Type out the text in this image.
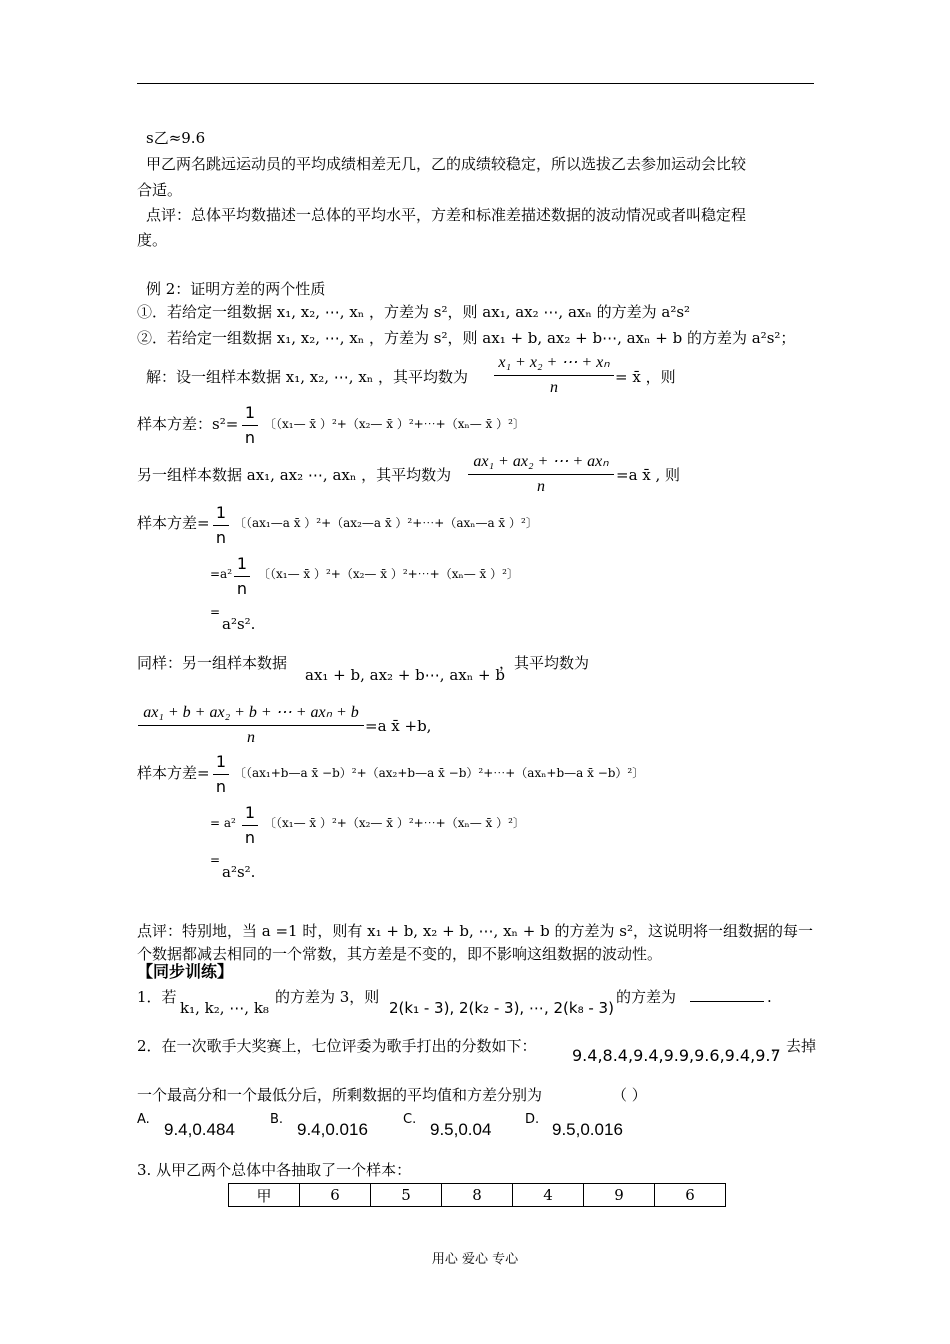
s乙≈9.6
甲乙两名跳远运动员的平均成绩相差无几，乙的成绩较稳定，所以选拔乙去参加运动会比较
合适。
点评：总体平均数描述一总体的平均水平，方差和标准差描述数据的波动情况或者叫稳定程
度。
例 2：证明方差的两个性质
①．若给定一组数据 x₁, x₂, ⋯, xₙ ，方差为 s²，则 ax₁, ax₂ ⋯, axₙ 的方差为 a²s²
②．若给定一组数据 x₁, x₂, ⋯, xₙ ，方差为 s²，则 ax₁ + b, ax₂ + b⋯, axₙ + b 的方差为 a²s²；
解：设一组样本数据 x₁, x₂, ⋯, xₙ ，其平均数为
x₁ + x₂ + ⋯ + xₙ
n
= x̄ ，则
样本方差：s²=
1
n
〔（x₁— x̄ ）²+（x₂— x̄ ）²+⋯+（xₙ— x̄ ）²〕
另一组样本数据 ax₁, ax₂ ⋯, axₙ ，其平均数为
ax₁ + ax₂ + ⋯ + axₙ
n
=a x̄ , 则
样本方差=
1
n
〔（ax₁—a x̄ ）²+（ax₂—a x̄ ）²+⋯+（axₙ—a x̄ ）²〕
=a²
1
n
〔（x₁— x̄ ）²+（x₂— x̄ ）²+⋯+（xₙ— x̄ ）²〕
=
a²s².
同样：另一组样本数据
ax₁ + b, ax₂ + b⋯, axₙ + b
，其平均数为
ax₁ + b + ax₂ + b + ⋯ + axₙ + b
n
=a x̄ +b,
样本方差=
1
n
〔（ax₁+b—a x̄ −b）²+（ax₂+b—a x̄ −b）²+⋯+（axₙ+b—a x̄ −b）²〕
= a²
1
n
〔（x₁— x̄ ）²+（x₂— x̄ ）²+⋯+（xₙ— x̄ ）²〕
=
a²s².
点评：特别地，当 a =1 时，则有 x₁ + b, x₂ + b, ⋯, xₙ + b 的方差为 s²，这说明将一组数据的每一
个数据都减去相同的一个常数，其方差是不变的，即不影响这组数据的波动性。
【同步训练】
1．若
k₁, k₂, ⋯, k₈
的方差为 3，则
2(k₁ - 3), 2(k₂ - 3), ⋯, 2(k₈ - 3)
的方差为	.
2．在一次歌手大奖赛上，七位评委为歌手打出的分数如下： 9.4,8.4,9.4,9.9,9.6,9.4,9.7
，去掉
一个最高分和一个最低分后，所剩数据的平均值和方差分别为	（ ）
A.
9.4,0.484
B.
9.4,0.016
C.
9.5,0.04
D.
9.5,0.016
3. 从甲乙两个总体中各抽取了一个样本：
甲	6	5	8	4	9	6
用心 爱心 专心
